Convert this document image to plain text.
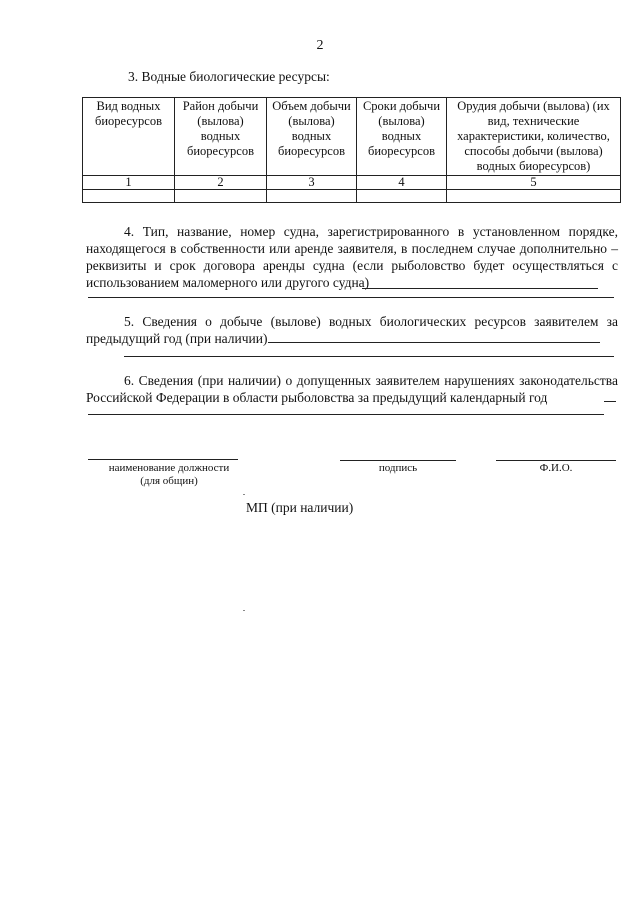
2
3. Водные биологические ресурсы:
Вид водных биоресурсов	Район добычи (вылова) водных биоресурсов	Объем добычи (вылова) водных биоресурсов	Сроки добычи (вылова) водных биоресурсов	Орудия добычи (вылова) (их вид, технические характеристики, количество, способы добычи (вылова) водных биоресурсов)
1	2	3	4	5

4. Тип, название, номер судна, зарегистрированного в установленном порядке, находящегося в собственности или аренде заявителя, в последнем случае дополнительно – реквизиты и срок договора аренды судна (если рыболовство будет осуществляться с использованием маломерного или другого судна)
5. Сведения о добыче (вылове) водных биологических ресурсов заявителем за предыдущий год (при наличии)
6. Сведения (при наличии) о допущенных заявителем нарушениях законодательства Российской Федерации в области рыболовства за предыдущий календарный год
наименование должности
(для общин)
подпись	Ф.И.О.
МП (при наличии)
